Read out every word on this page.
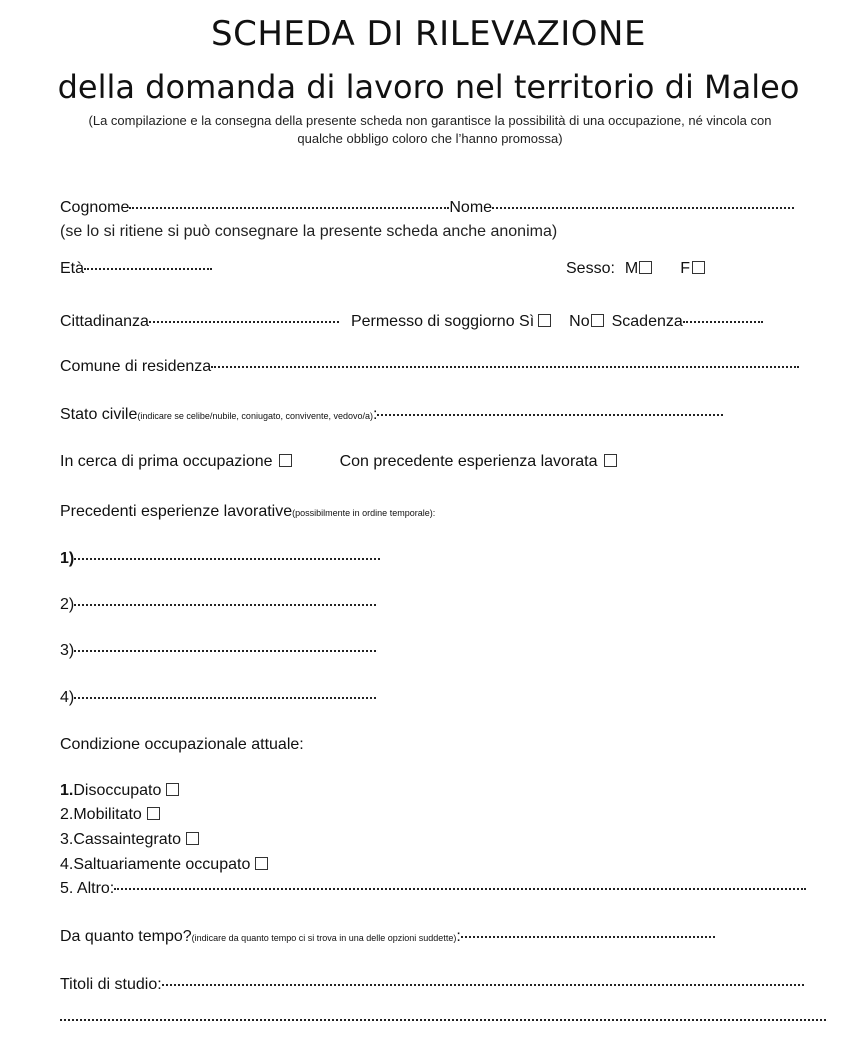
SCHEDA DI RILEVAZIONE
della domanda di lavoro nel territorio di Maleo
(La compilazione e la consegna della presente scheda non garantisce la possibilità di una occupazione, né vincola con
qualche obbligo coloro che l’hanno promossa)
Cognome	Nome
(se lo si ritiene si può consegnare la presente scheda anche anonima)
Età	Sesso: M	F
Cittadinanza	Permesso di soggiorno Sì No Scadenza
Comune di residenza
Stato civile (indicare se celibe/nubile, coniugato, convivente, vedovo/a) :
In cerca di prima occupazione	Con precedente esperienza lavorata
Precedenti esperienze lavorative (possibilmente in ordine temporale):
1)
2)
3)
4)
Condizione occupazionale attuale:
1. Disoccupato
2. Mobilitato
3. Cassaintegrato
4. Saltuariamente occupato
5. Altro:
Da quanto tempo? (indicare da quanto tempo ci si trova in una delle opzioni suddette) :
Titoli di studio:
